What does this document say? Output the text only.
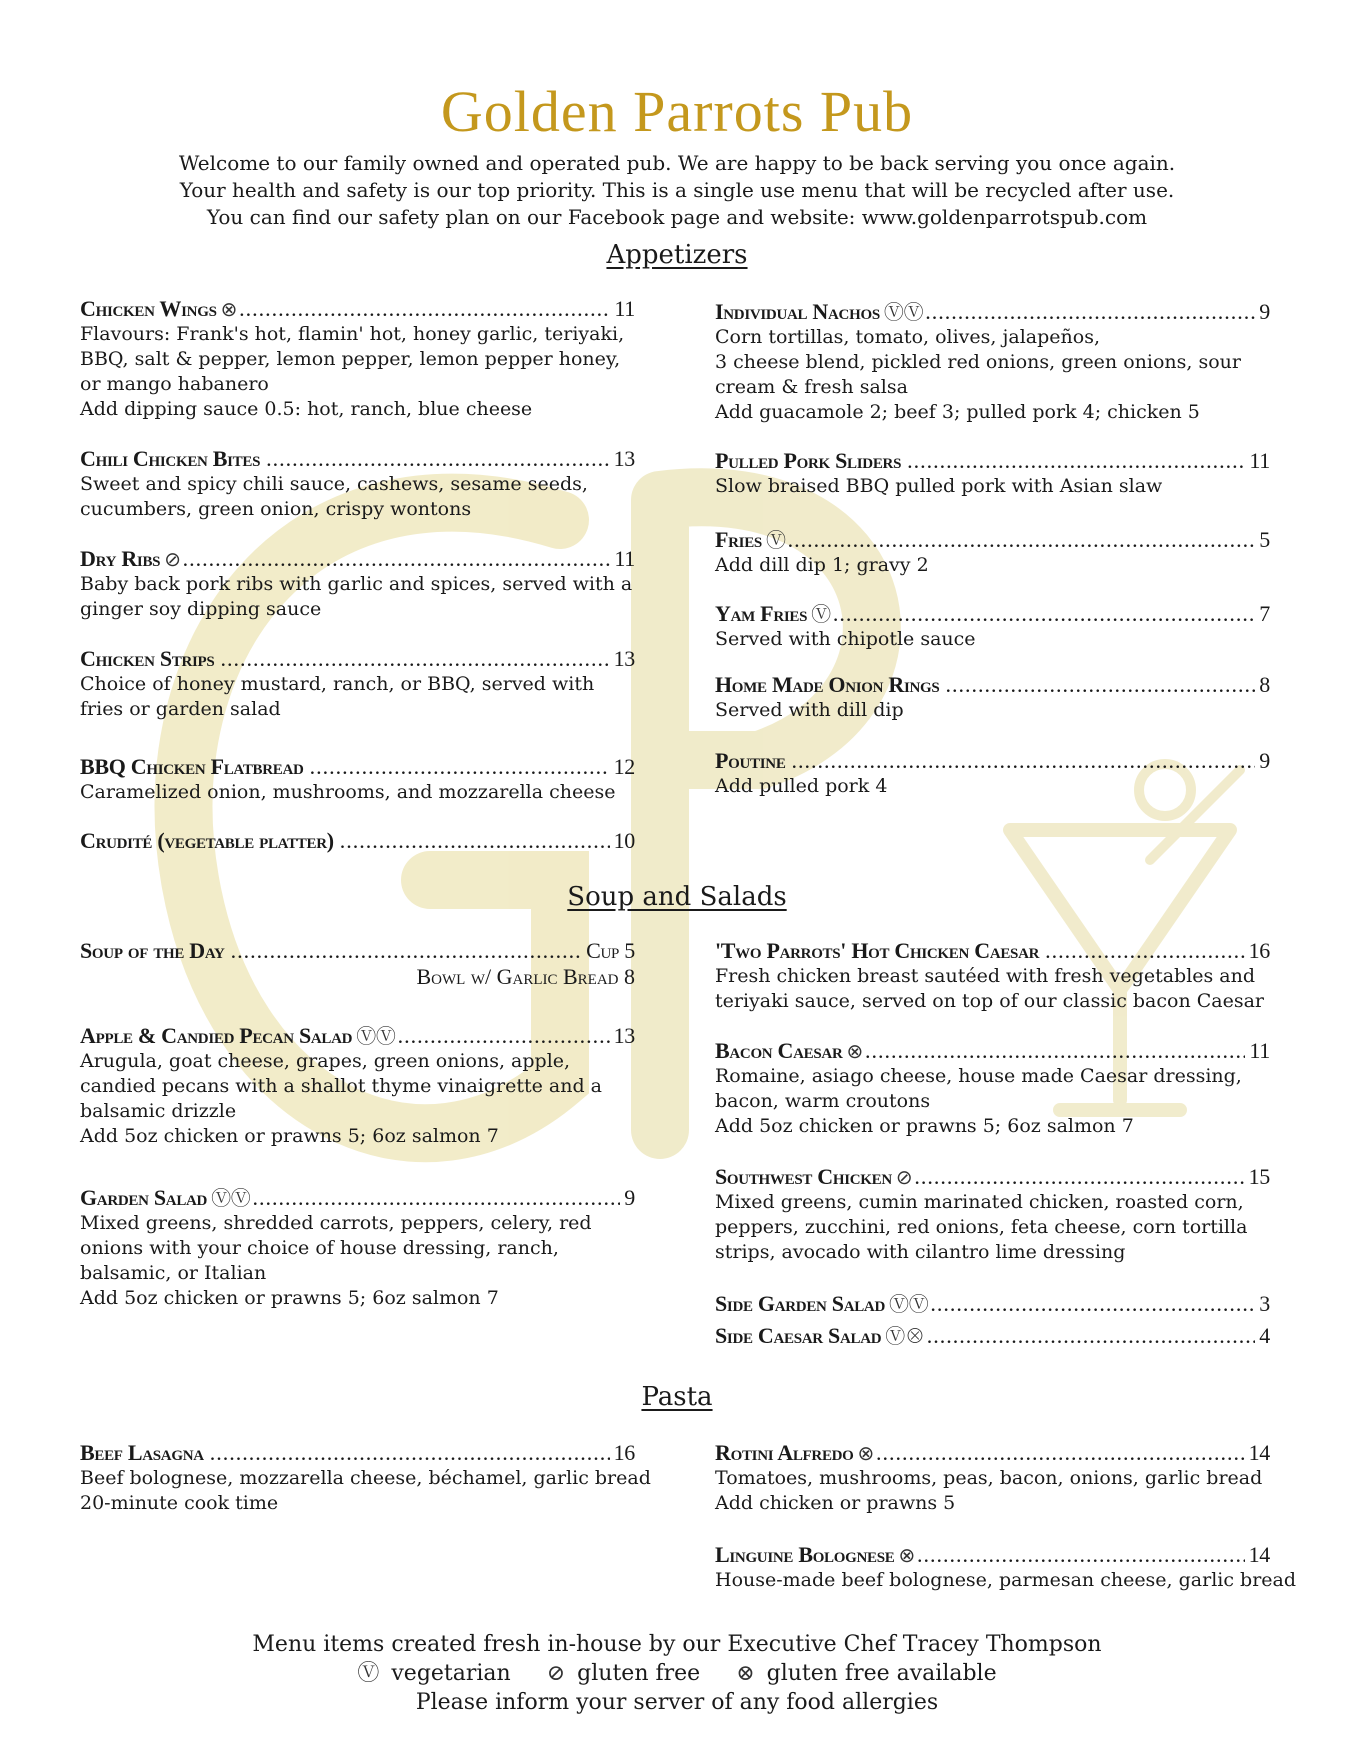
Golden Parrots Pub
Welcome to our family owned and operated pub. We are happy to be back serving you once again.
Your health and safety is our top priority. This is a single use menu that will be recycled after use.
You can find our safety plan on our Facebook page and website: www.goldenparrotspub.com
Appetizers
Chicken Wings ⊗ .....	11
Flavours: Frank's hot, flamin' hot, honey garlic, teriyaki,
BBQ, salt & pepper, lemon pepper, lemon pepper honey,
or mango habanero
Add dipping sauce 0.5: hot, ranch, blue cheese
Chili Chicken Bites .....	13
Sweet and spicy chili sauce, cashews, sesame seeds,
cucumbers, green onion, crispy wontons
Dry Ribs ⊘ .....	11
Baby back pork ribs with garlic and spices, served with a
ginger soy dipping sauce
Chicken Strips .....	13
Choice of honey mustard, ranch, or BBQ, served with
fries or garden salad
BBQ Chicken Flatbread .....	12
Caramelized onion, mushrooms, and mozzarella cheese
Crudité (vegetable platter) .....	10
Individual Nachos ⓋⓋ .....	9
Corn tortillas, tomato, olives, jalapeños,
3 cheese blend, pickled red onions, green onions, sour
cream & fresh salsa
Add guacamole 2; beef 3; pulled pork 4; chicken 5
Pulled Pork Sliders .....	11
Slow braised BBQ pulled pork with Asian slaw
Fries Ⓥ .....	5
Add dill dip 1; gravy 2
Yam Fries Ⓥ .....	7
Served with chipotle sauce
Home Made Onion Rings .....	8
Served with dill dip
Poutine .....	9
Add pulled pork 4
Soup and Salads
Soup of the Day .....	Cup 5
Bowl w/ Garlic Bread 8
Apple & Candied Pecan Salad ⓋⓋ .....	13
Arugula, goat cheese, grapes, green onions, apple,
candied pecans with a shallot thyme vinaigrette and a
balsamic drizzle
Add 5oz chicken or prawns 5; 6oz salmon 7
Garden Salad ⓋⓋ .....	9
Mixed greens, shredded carrots, peppers, celery, red
onions with your choice of house dressing, ranch,
balsamic, or Italian
Add 5oz chicken or prawns 5; 6oz salmon 7
'Two Parrots' Hot Chicken Caesar .....	16
Fresh chicken breast sautéed with fresh vegetables and
teriyaki sauce, served on top of our classic bacon Caesar
Bacon Caesar ⊗ .....	11
Romaine, asiago cheese, house made Caesar dressing,
bacon, warm croutons
Add 5oz chicken or prawns 5; 6oz salmon 7
Southwest Chicken ⊘ .....	15
Mixed greens, cumin marinated chicken, roasted corn,
peppers, zucchini, red onions, feta cheese, corn tortilla
strips, avocado with cilantro lime dressing
Side Garden Salad ⓋⓋ .....	3
Side Caesar Salad Ⓥ⊗ .....	4
Pasta
Beef Lasagna .....	16
Beef bolognese, mozzarella cheese, béchamel, garlic bread
20-minute cook time
Rotini Alfredo ⊗ .....	14
Tomatoes, mushrooms, peas, bacon, onions, garlic bread
Add chicken or prawns 5
Linguine Bolognese ⊗ .....	14
House-made beef bolognese, parmesan cheese, garlic bread
Menu items created fresh in-house by our Executive Chef Tracey Thompson
Ⓥ vegetarian ⊘ gluten free ⊗ gluten free available
Please inform your server of any food allergies
